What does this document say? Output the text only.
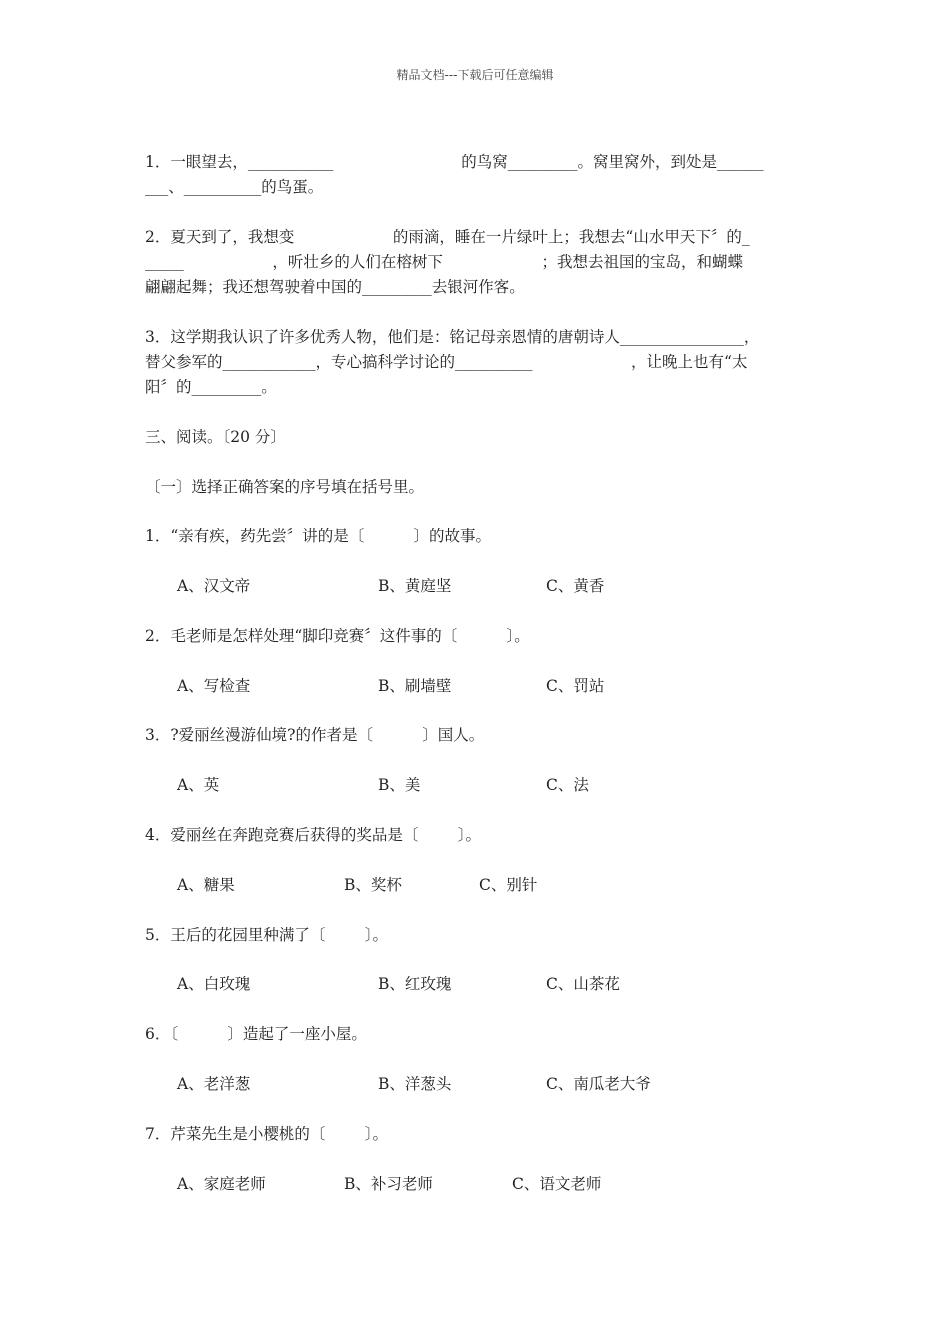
精品文档---下载后可任意编辑
1．一眼望去，___________                          的鸟窝_________。窝里窝外，到处是______
___、__________的鸟蛋。
2．夏天到了，我想变                    的雨滴，睡在一片绿叶上；我想去“山水甲天下〞的_
_____                  ，听壮乡的人们在榕树下                    ；我想去祖国的宝岛，和蝴蝶
翩翩起舞；我还想驾驶着中国的_________去银河作客。
3．这学期我认识了许多优秀人物，他们是：铭记母亲恩情的唐朝诗人________________，
替父参军的____________，专心搞科学讨论的__________                    ，让晚上也有“太
阳〞的_________。
三、阅读。〔20 分〕
〔一〕选择正确答案的序号填在括号里。
1．“亲有疾，药先尝〞讲的是〔          〕的故事。
A、汉文帝	B、黄庭坚	C、黄香
2．毛老师是怎样处理“脚印竞赛〞这件事的〔          〕。
A、写检查	B、刷墙壁	C、罚站
3．?爱丽丝漫游仙境?的作者是〔          〕国人。
A、英	B、美	C、法
4．爱丽丝在奔跑竞赛后获得的奖品是〔        〕。
A、糖果	B、奖杯	C、别针
5．王后的花园里种满了〔        〕。
A、白玫瑰	B、红玫瑰	C、山茶花
6．〔          〕造起了一座小屋。
A、老洋葱	B、洋葱头	C、南瓜老大爷
7．芹菜先生是小樱桃的〔        〕。
A、家庭老师	B、补习老师	C、语文老师
